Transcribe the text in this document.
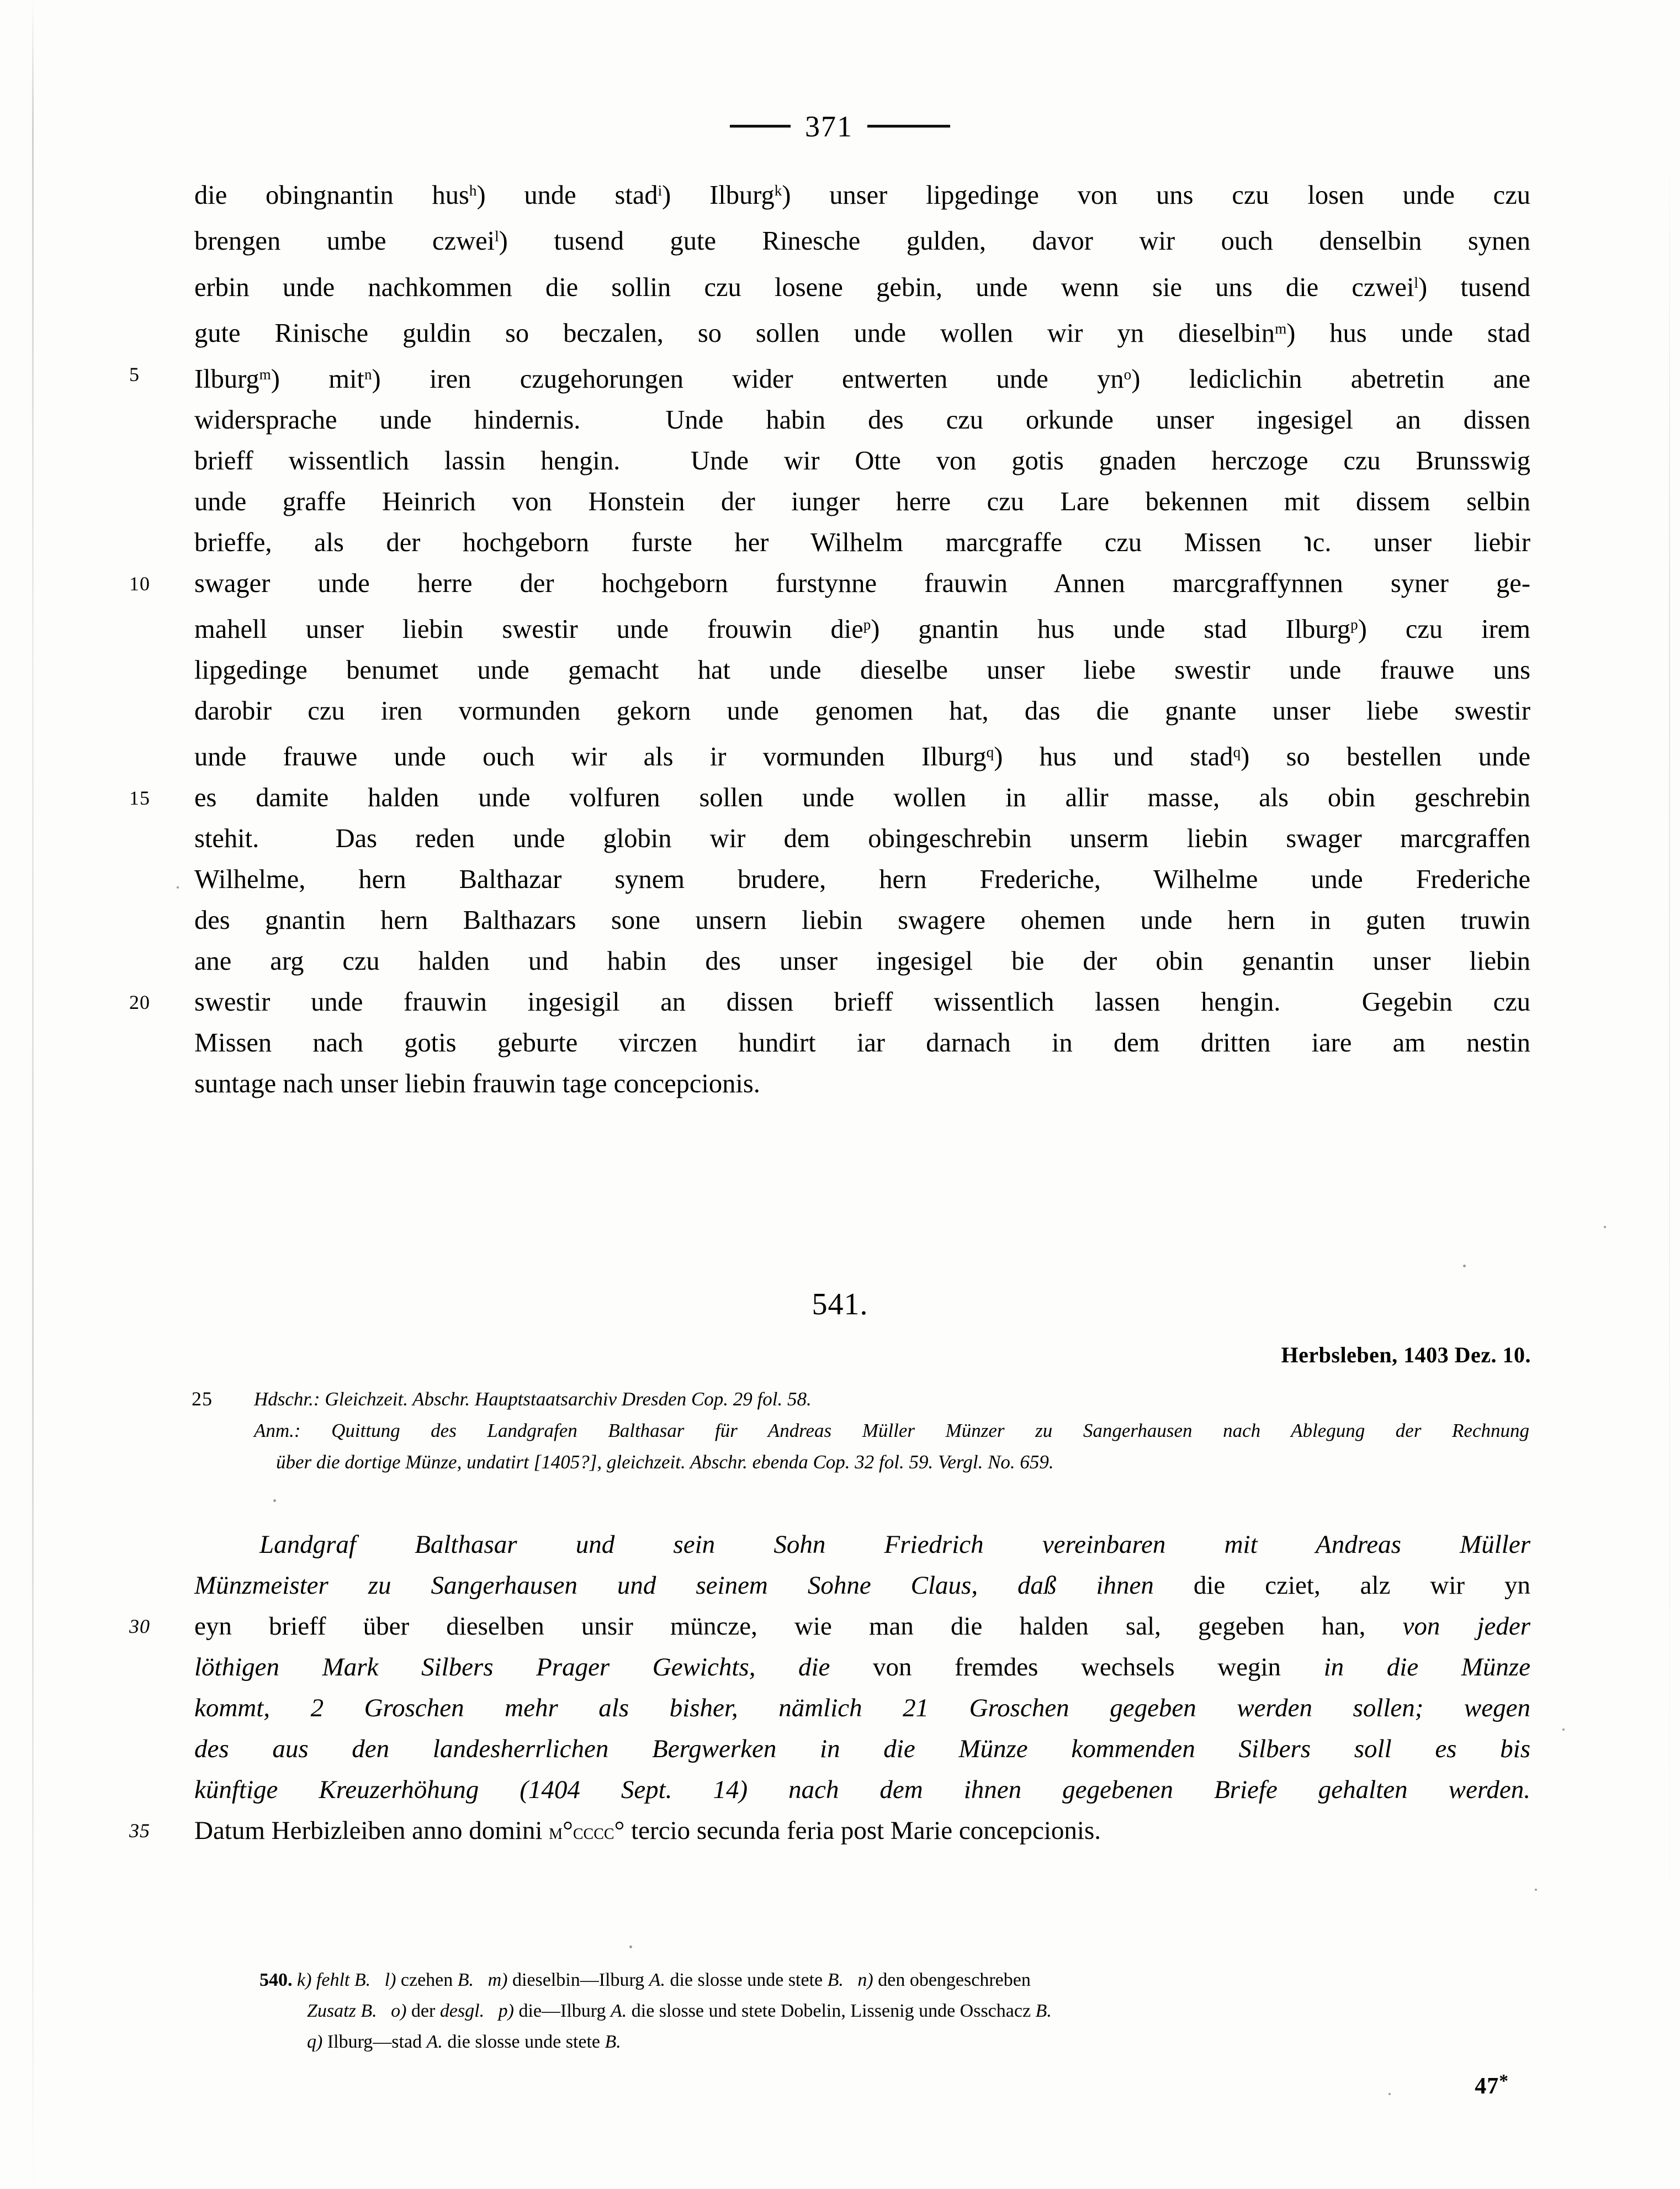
371
die obingnantin hus$^h$) unde stad$^i$) Ilburg$^k$) unser lipgedinge von uns czu losen unde czu
brengen umbe czwei$^l$) tusend gute Rinesche gulden, davor wir ouch denselbin synen
erbin unde nachkommen die sollin czu losene gebin, unde wenn sie uns die czwei$^l$) tusend
gute Rinische guldin so beczalen, so sollen unde wollen wir yn dieselbin$^m$) hus unde stad
5	Ilburg$^m$) mit$^n$) iren czugehorungen wider entwerten unde yn$^o$) lediclichin abetretin ane
widersprache unde hindernis.  Unde habin des czu orkunde unser ingesigel an dissen
brieff wissentlich lassin hengin.  Unde wir Otte von gotis gnaden herczoge czu Brunsswig
unde graffe Heinrich von Honstein der iunger herre czu Lare bekennen mit dissem selbin
brieffe, als der hochgeborn furste her Wilhelm marcgraffe czu Missen ℩c. unser liebir
10	swager unde herre der hochgeborn furstynne frauwin Annen marcgraffynnen syner ge-
mahell unser liebin swestir unde frouwin die$^p$) gnantin hus unde stad Ilburg$^p$) czu irem
lipgedinge benumet unde gemacht hat unde dieselbe unser liebe swestir unde frauwe uns
darobir czu iren vormunden gekorn unde genomen hat, das die gnante unser liebe swestir
unde frauwe unde ouch wir als ir vormunden Ilburg$^q$) hus und stad$^q$) so bestellen unde
15	es damite halden unde volfuren sollen unde wollen in allir masse, als obin geschrebin
stehit.  Das reden unde globin wir dem obingeschrebin unserm liebin swager marcgraffen
Wilhelme, hern Balthazar synem brudere, hern Frederiche, Wilhelme unde Frederiche
des gnantin hern Balthazars sone unsern liebin swagere ohemen unde hern in guten truwin
ane arg czu halden und habin des unser ingesigel bie der obin genantin unser liebin
20	swestir unde frauwin ingesigil an dissen brieff wissentlich lassen hengin.  Gegebin czu
Missen nach gotis geburte virczen hundirt iar darnach in dem dritten iare am nestin
suntage nach unser liebin frauwin tage concepcionis.
541.
Herbsleben, 1403 Dez. 10.
25 Hdschr.: Gleichzeit. Abschr. Hauptstaatsarchiv Dresden Cop. 29 fol. 58.
Anm.: Quittung des Landgrafen Balthasar für Andreas Müller Münzer zu Sangerhausen nach Ablegung der Rechnung
über die dortige Münze, undatirt [1405?], gleichzeit. Abschr. ebenda Cop. 32 fol. 59. Vergl. No. 659.
Landgraf Balthasar und sein Sohn Friedrich vereinbaren mit Andreas Müller
Münzmeister zu Sangerhausen und seinem Sohne Claus, daß ihnen die cziet, alz wir yn
30	eyn brieff über dieselben unsir müncze, wie man die halden sal, gegeben han, von jeder
löthigen Mark Silbers Prager Gewichts, die von fremdes wechsels wegin in die Münze
kommt, 2 Groschen mehr als bisher, nämlich 21 Groschen gegeben werden sollen; wegen
des aus den landesherrlichen Bergwerken in die Münze kommenden Silbers soll es bis
künftige Kreuzerhöhung (1404 Sept. 14) nach dem ihnen gegebenen Briefe gehalten werden.
35	Datum Herbizleiben anno domini m°cccc° tercio secunda feria post Marie concepcionis.
540. k) fehlt B. l) czehen B. m) dieselbin—Ilburg A. die slosse unde stete B. n) den obengeschreben
Zusatz B. o) der desgl. p) die—Ilburg A. die slosse und stete Dobelin, Lissenig unde Osschacz B.
q) Ilburg—stad A. die slosse unde stete B.
47*
